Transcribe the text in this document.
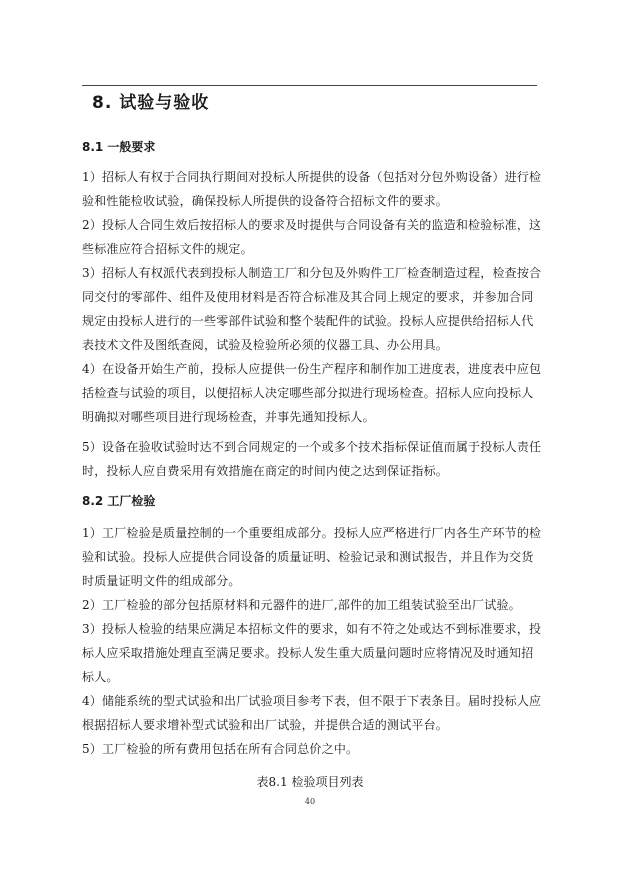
8. 试验与验收
8.1 一般要求
1）招标人有权于合同执行期间对投标人所提供的设备（包括对分包外购设备）进行检验和性能检收试验，确保投标人所提供的设备符合招标文件的要求。
2）投标人合同生效后按招标人的要求及时提供与合同设备有关的监造和检验标准，这些标准应符合招标文件的规定。
3）招标人有权派代表到投标人制造工厂和分包及外购件工厂检查制造过程，检查按合同交付的零部件、组件及使用材料是否符合标准及其合同上规定的要求，并参加合同规定由投标人进行的一些零部件试验和整个装配件的试验。投标人应提供给招标人代表技术文件及图纸查阅，试验及检验所必须的仪器工具、办公用具。
4）在设备开始生产前，投标人应提供一份生产程序和制作加工进度表，进度表中应包括检查与试验的项目，以便招标人决定哪些部分拟进行现场检查。招标人应向投标人明确拟对哪些项目进行现场检查，并事先通知投标人。
5）设备在验收试验时达不到合同规定的一个或多个技术指标保证值而属于投标人责任时，投标人应自费采用有效措施在商定的时间内使之达到保证指标。
8.2 工厂检验
1）工厂检验是质量控制的一个重要组成部分。投标人应严格进行厂内各生产环节的检验和试验。投标人应提供合同设备的质量证明、检验记录和测试报告，并且作为交货时质量证明文件的组成部分。
2）工厂检验的部分包括原材料和元器件的进厂,部件的加工组装试验至出厂试验。
3）投标人检验的结果应满足本招标文件的要求，如有不符之处或达不到标准要求，投标人应采取措施处理直至满足要求。投标人发生重大质量问题时应将情况及时通知招标人。
4）储能系统的型式试验和出厂试验项目参考下表，但不限于下表条目。届时投标人应根据招标人要求增补型式试验和出厂试验，并提供合适的测试平台。
5）工厂检验的所有费用包括在所有合同总价之中。
表8.1 检验项目列表
40
